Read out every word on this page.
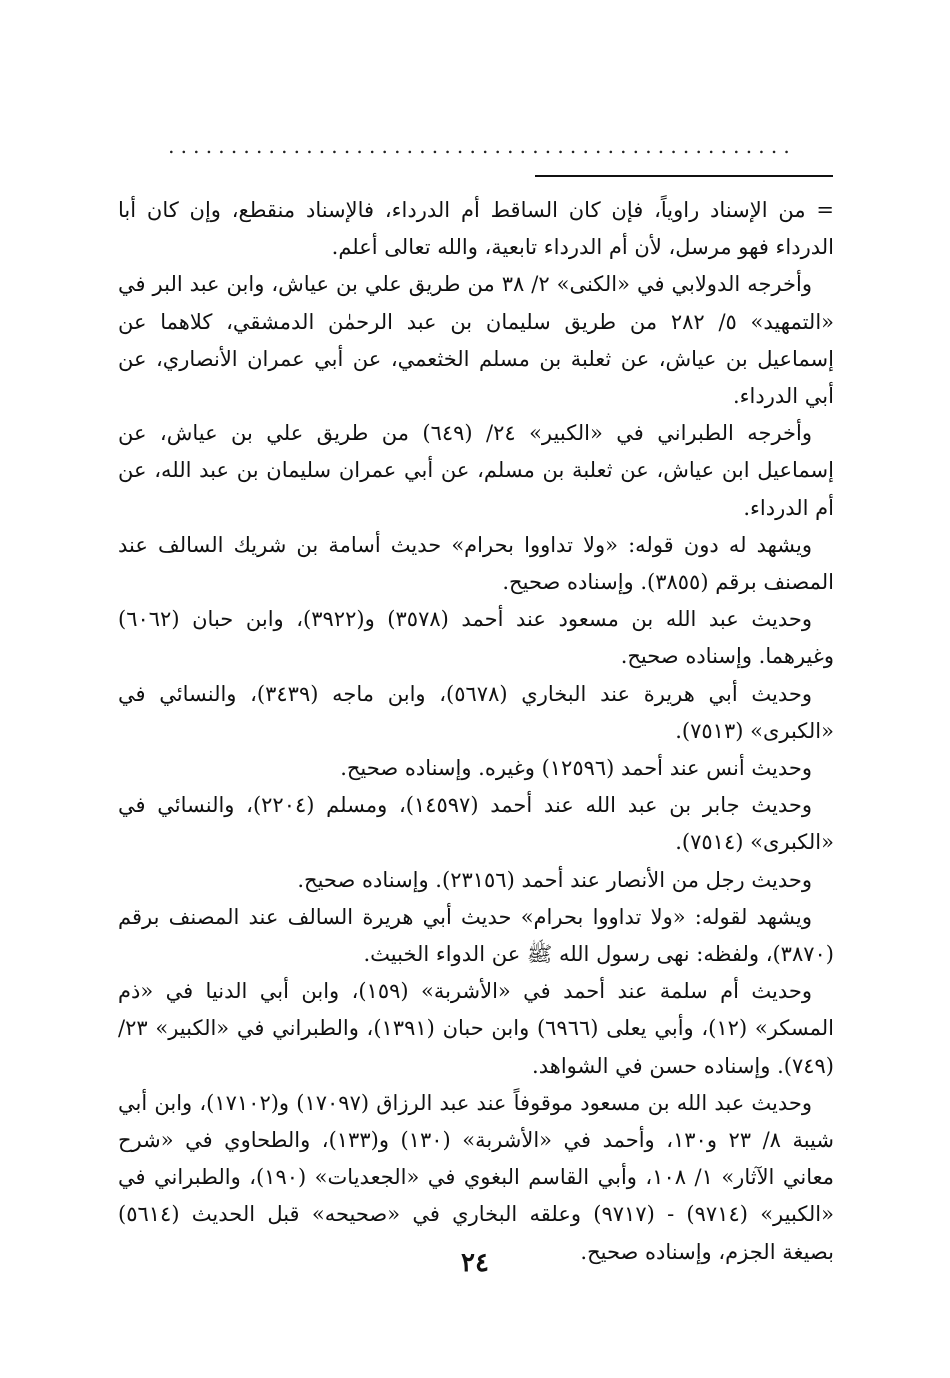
..................................................

= من الإسناد راوياً، فإن كان الساقط أم الدرداء، فالإسناد منقطع، وإن كان أبا الدرداء فهو مرسل، لأن أم الدرداء تابعية، والله تعالى أعلم.

وأخرجه الدولابي في «الكنى» ٢/ ٣٨ من طريق علي بن عياش، وابن عبد البر في «التمهيد» ٥/ ٢٨٢ من طريق سليمان بن عبد الرحمٰن الدمشقي، كلاهما عن إسماعيل بن عياش، عن ثعلبة بن مسلم الخثعمي، عن أبي عمران الأنصاري، عن أبي الدرداء.

وأخرجه الطبراني في «الكبير» ٢٤/ (٦٤٩) من طريق علي بن عياش، عن إسماعيل ابن عياش، عن ثعلبة بن مسلم، عن أبي عمران سليمان بن عبد الله، عن أم الدرداء.

ويشهد له دون قوله: «ولا تداووا بحرام» حديث أسامة بن شريك السالف عند المصنف برقم (٣٨٥٥). وإسناده صحيح.

وحديث عبد الله بن مسعود عند أحمد (٣٥٧٨) و(٣٩٢٢)، وابن حبان (٦٠٦٢) وغيرهما. وإسناده صحيح.

وحديث أبي هريرة عند البخاري (٥٦٧٨)، وابن ماجه (٣٤٣٩)، والنسائي في «الكبرى» (٧٥١٣).

وحديث أنس عند أحمد (١٢٥٩٦) وغيره. وإسناده صحيح.

وحديث جابر بن عبد الله عند أحمد (١٤٥٩٧)، ومسلم (٢٢٠٤)، والنسائي في «الكبرى» (٧٥١٤).

وحديث رجل من الأنصار عند أحمد (٢٣١٥٦). وإسناده صحيح.

ويشهد لقوله: «ولا تداووا بحرام» حديث أبي هريرة السالف عند المصنف برقم (٣٨٧٠)، ولفظه: نهى رسول الله ﷺ عن الدواء الخبيث.

وحديث أم سلمة عند أحمد في «الأشربة» (١٥٩)، وابن أبي الدنيا في «ذم المسكر» (١٢)، وأبي يعلى (٦٩٦٦) وابن حبان (١٣٩١)، والطبراني في «الكبير» ٢٣/ (٧٤٩). وإسناده حسن في الشواهد.

وحديث عبد الله بن مسعود موقوفاً عند عبد الرزاق (١٧٠٩٧) و(١٧١٠٢)، وابن أبي شيبة ٨/ ٢٣ و١٣٠، وأحمد في «الأشربة» (١٣٠) و(١٣٣)، والطحاوي في «شرح معاني الآثار» ١/ ١٠٨، وأبي القاسم البغوي في «الجعديات» (١٩٠)، والطبراني في «الكبير» (٩٧١٤) - (٩٧١٧) وعلقه البخاري في «صحيحه» قبل الحديث (٥٦١٤) بصيغة الجزم، وإسناده صحيح.

٢٤
